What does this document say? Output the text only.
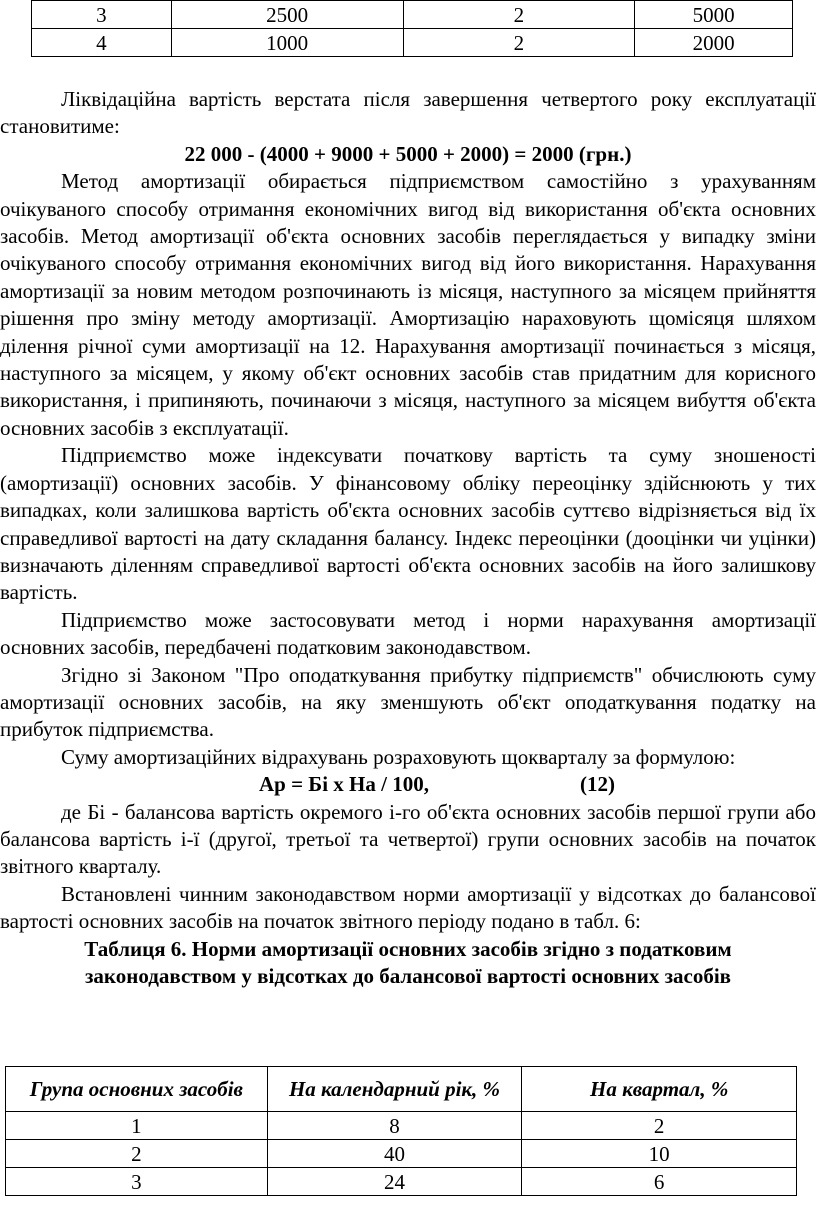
3	2500	2	5000
4	1000	2	2000

Ліквідаційна вартість верстата після завершення четвертого року експлуатації становитиме:

22 000 - (4000 + 9000 + 5000 + 2000) = 2000 (грн.)

Метод амортизації обирається підприємством самостійно з урахуванням очікуваного способу отримання економічних вигод від використання об'єкта основних засобів. Метод амортизації об'єкта основних засобів переглядається у випадку зміни очікуваного способу отримання економічних вигод від його використання. Нарахування амортизації за новим методом розпочинають із місяця, наступного за місяцем прийняття рішення про зміну методу амортизації. Амортизацію нараховують щомісяця шляхом ділення річної суми амортизації на 12. Нарахування амортизації починається з місяця, наступного за місяцем, у якому об'єкт основних засобів став придатним для корисного використання, і припиняють, починаючи з місяця, наступного за місяцем вибуття об'єкта основних засобів з експлуатації.

Підприємство може індексувати початкову вартість та суму зношеності (амортизації) основних засобів. У фінансовому обліку переоцінку здійснюють у тих випадках, коли залишкова вартість об'єкта основних засобів суттєво відрізняється від їх справедливої вартості на дату складання балансу. Індекс переоцінки (дооцінки чи уцінки) визначають діленням справедливої вартості об'єкта основних засобів на його залишкову вартість.

Підприємство може застосовувати метод і норми нарахування амортизації основних засобів, передбачені податковим законодавством.

Згідно зі Законом "Про оподаткування прибутку підприємств" обчислюють суму амортизації основних засобів, на яку зменшують об'єкт оподаткування податку на прибуток підприємства.

Суму амортизаційних відрахувань розраховують щокварталу за формулою:

Ар = Бі х На / 100,	(12)

де Бі - балансова вартість окремого і-го об'єкта основних засобів першої групи або балансова вартість і-ї (другої, третьої та четвертої) групи основних засобів на початок звітного кварталу.

Встановлені чинним законодавством норми амортизації у відсотках до балансової вартості основних засобів на початок звітного періоду подано в табл. 6:

Таблиця 6. Норми амортизації основних засобів згідно з податковим

законодавством у відсотках до балансової вартості основних засобів

Група основних засобів	На календарний рік, %	На квартал, %
1	8	2
2	40	10
3	24	6
